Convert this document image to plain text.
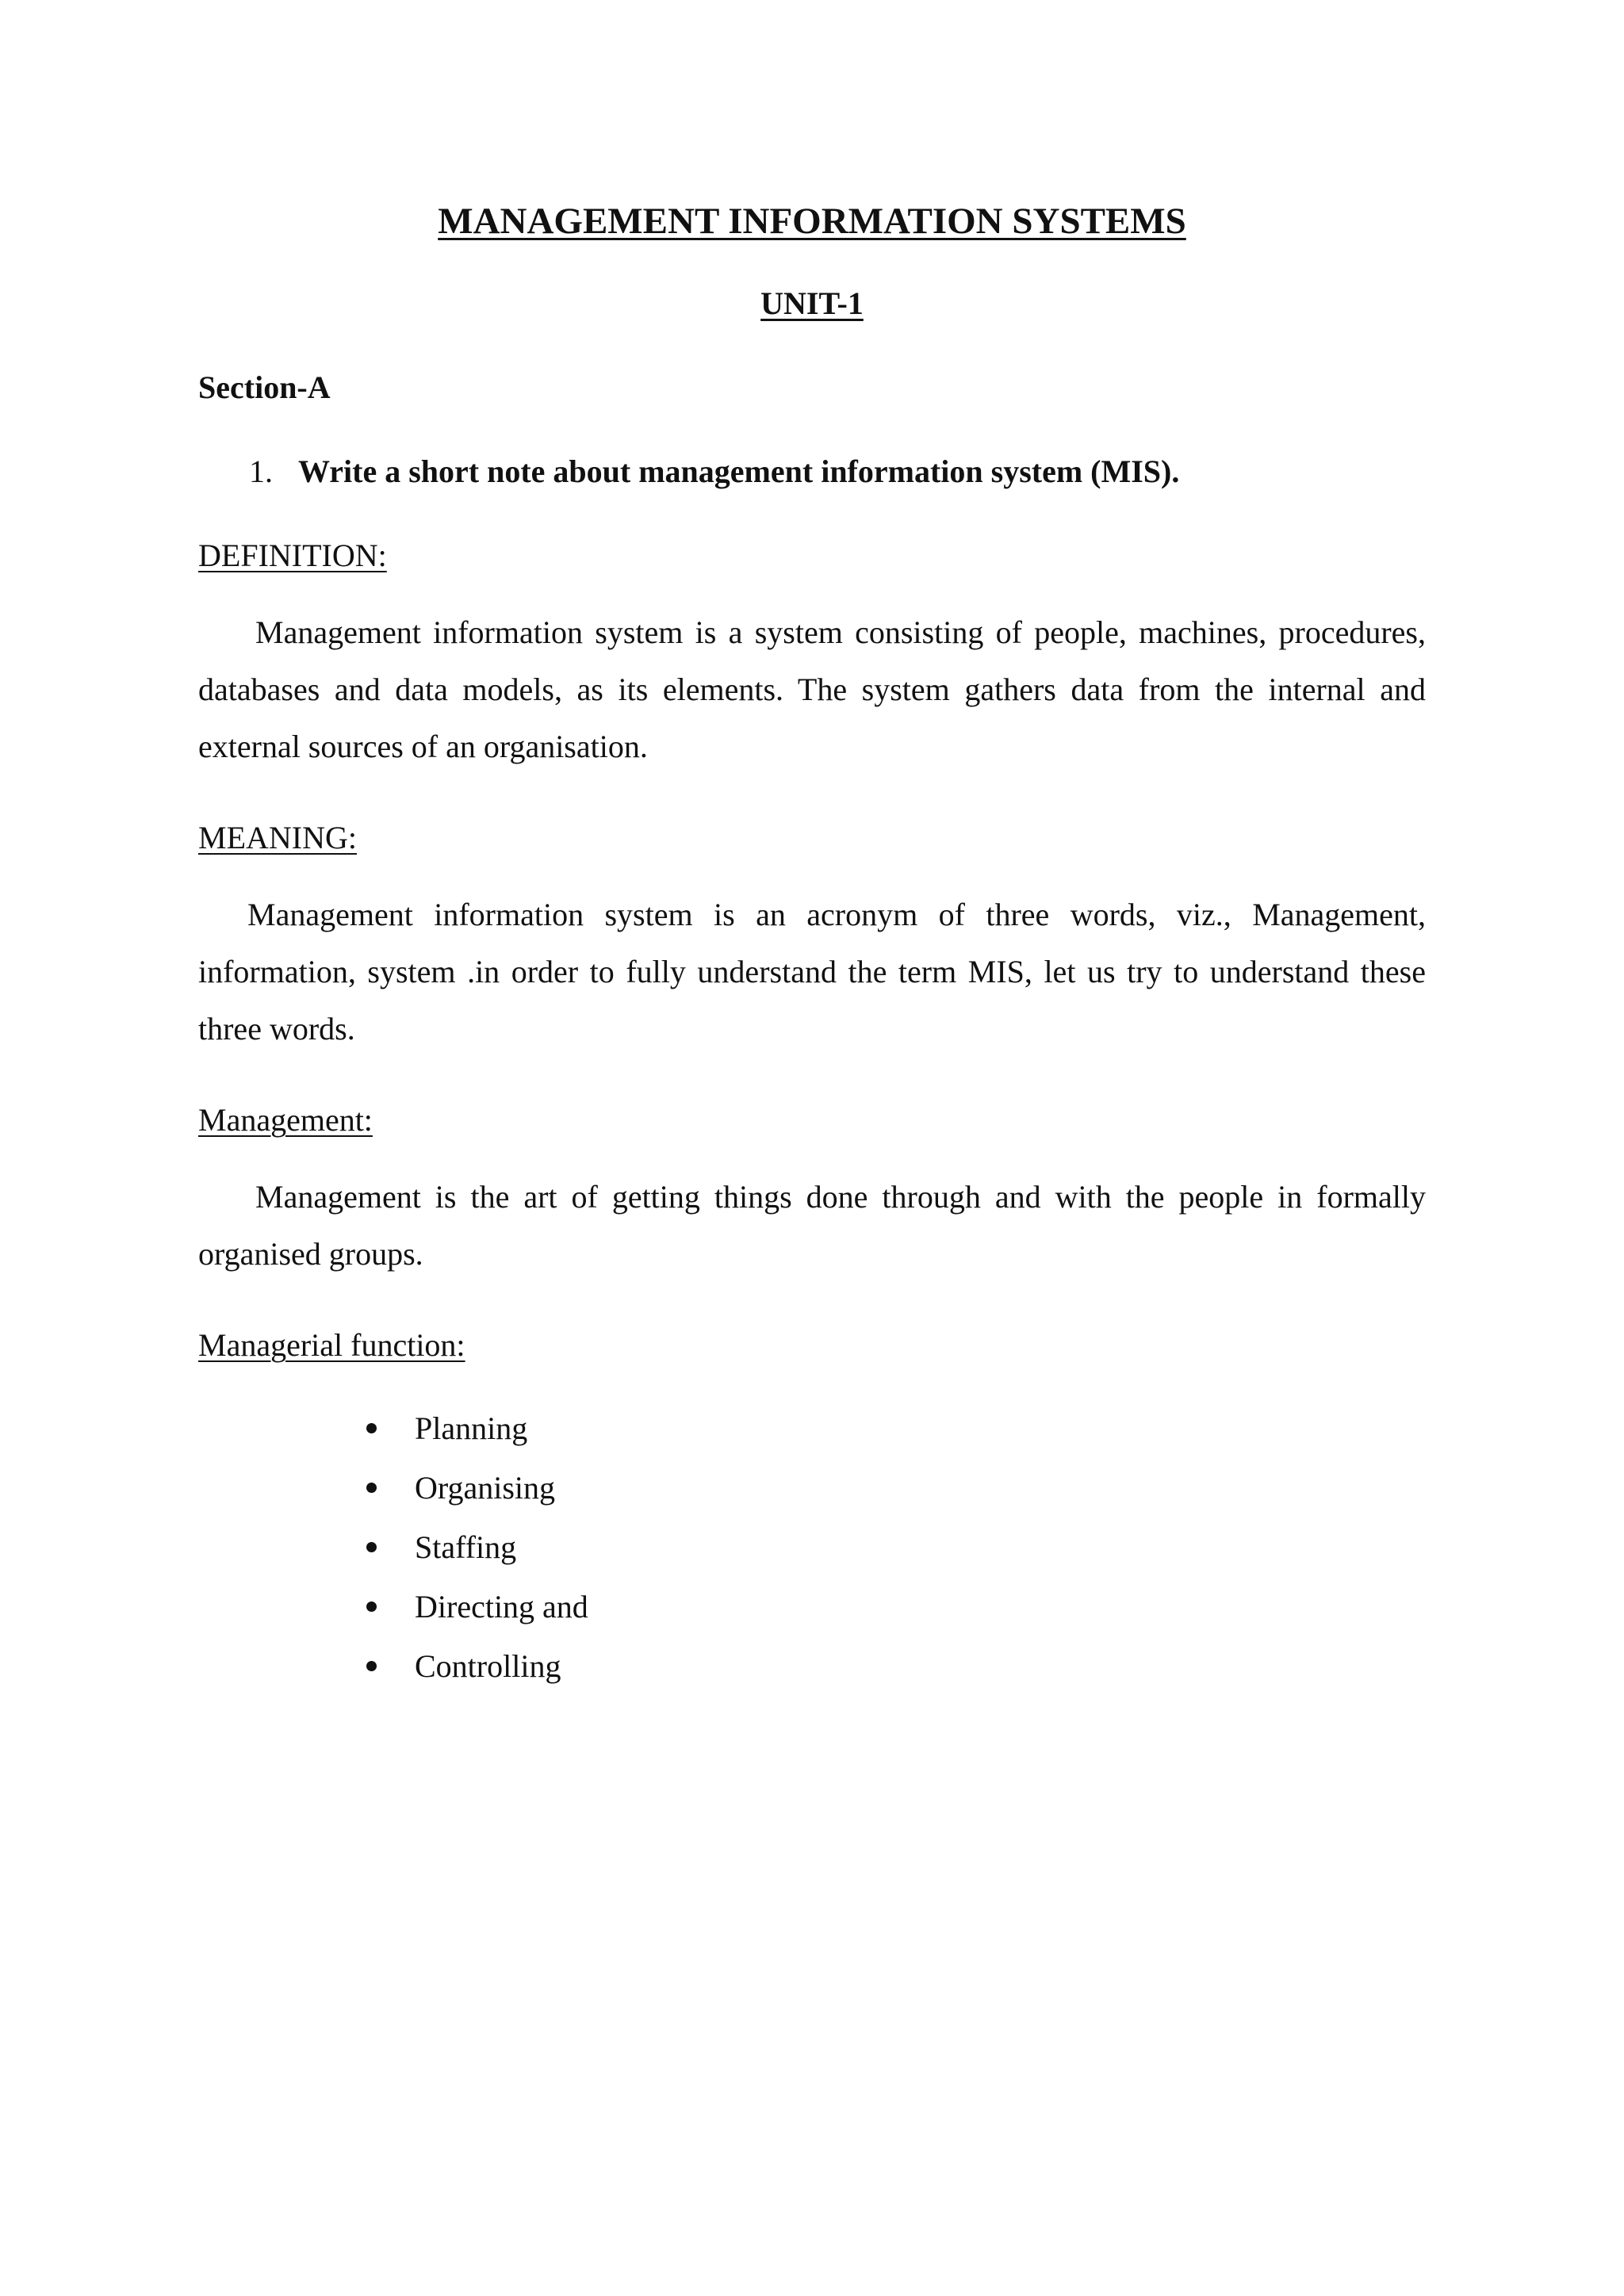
MANAGEMENT INFORMATION SYSTEMS
UNIT-1
Section-A
1. Write a short note about management information system (MIS).
DEFINITION:

Management information system is a system consisting of people, machines, procedures, databases and data models, as its elements. The system gathers data from the internal and external sources of an organisation.

MEANING:

Management information system is an acronym of three words, viz., Management, information, system .in order to fully understand the term MIS, let us try to understand these three words.

Management:

Management is the art of getting things done through and with the people in formally organised groups.

Managerial function:
Planning
Organising
Staffing
Directing and
Controlling
